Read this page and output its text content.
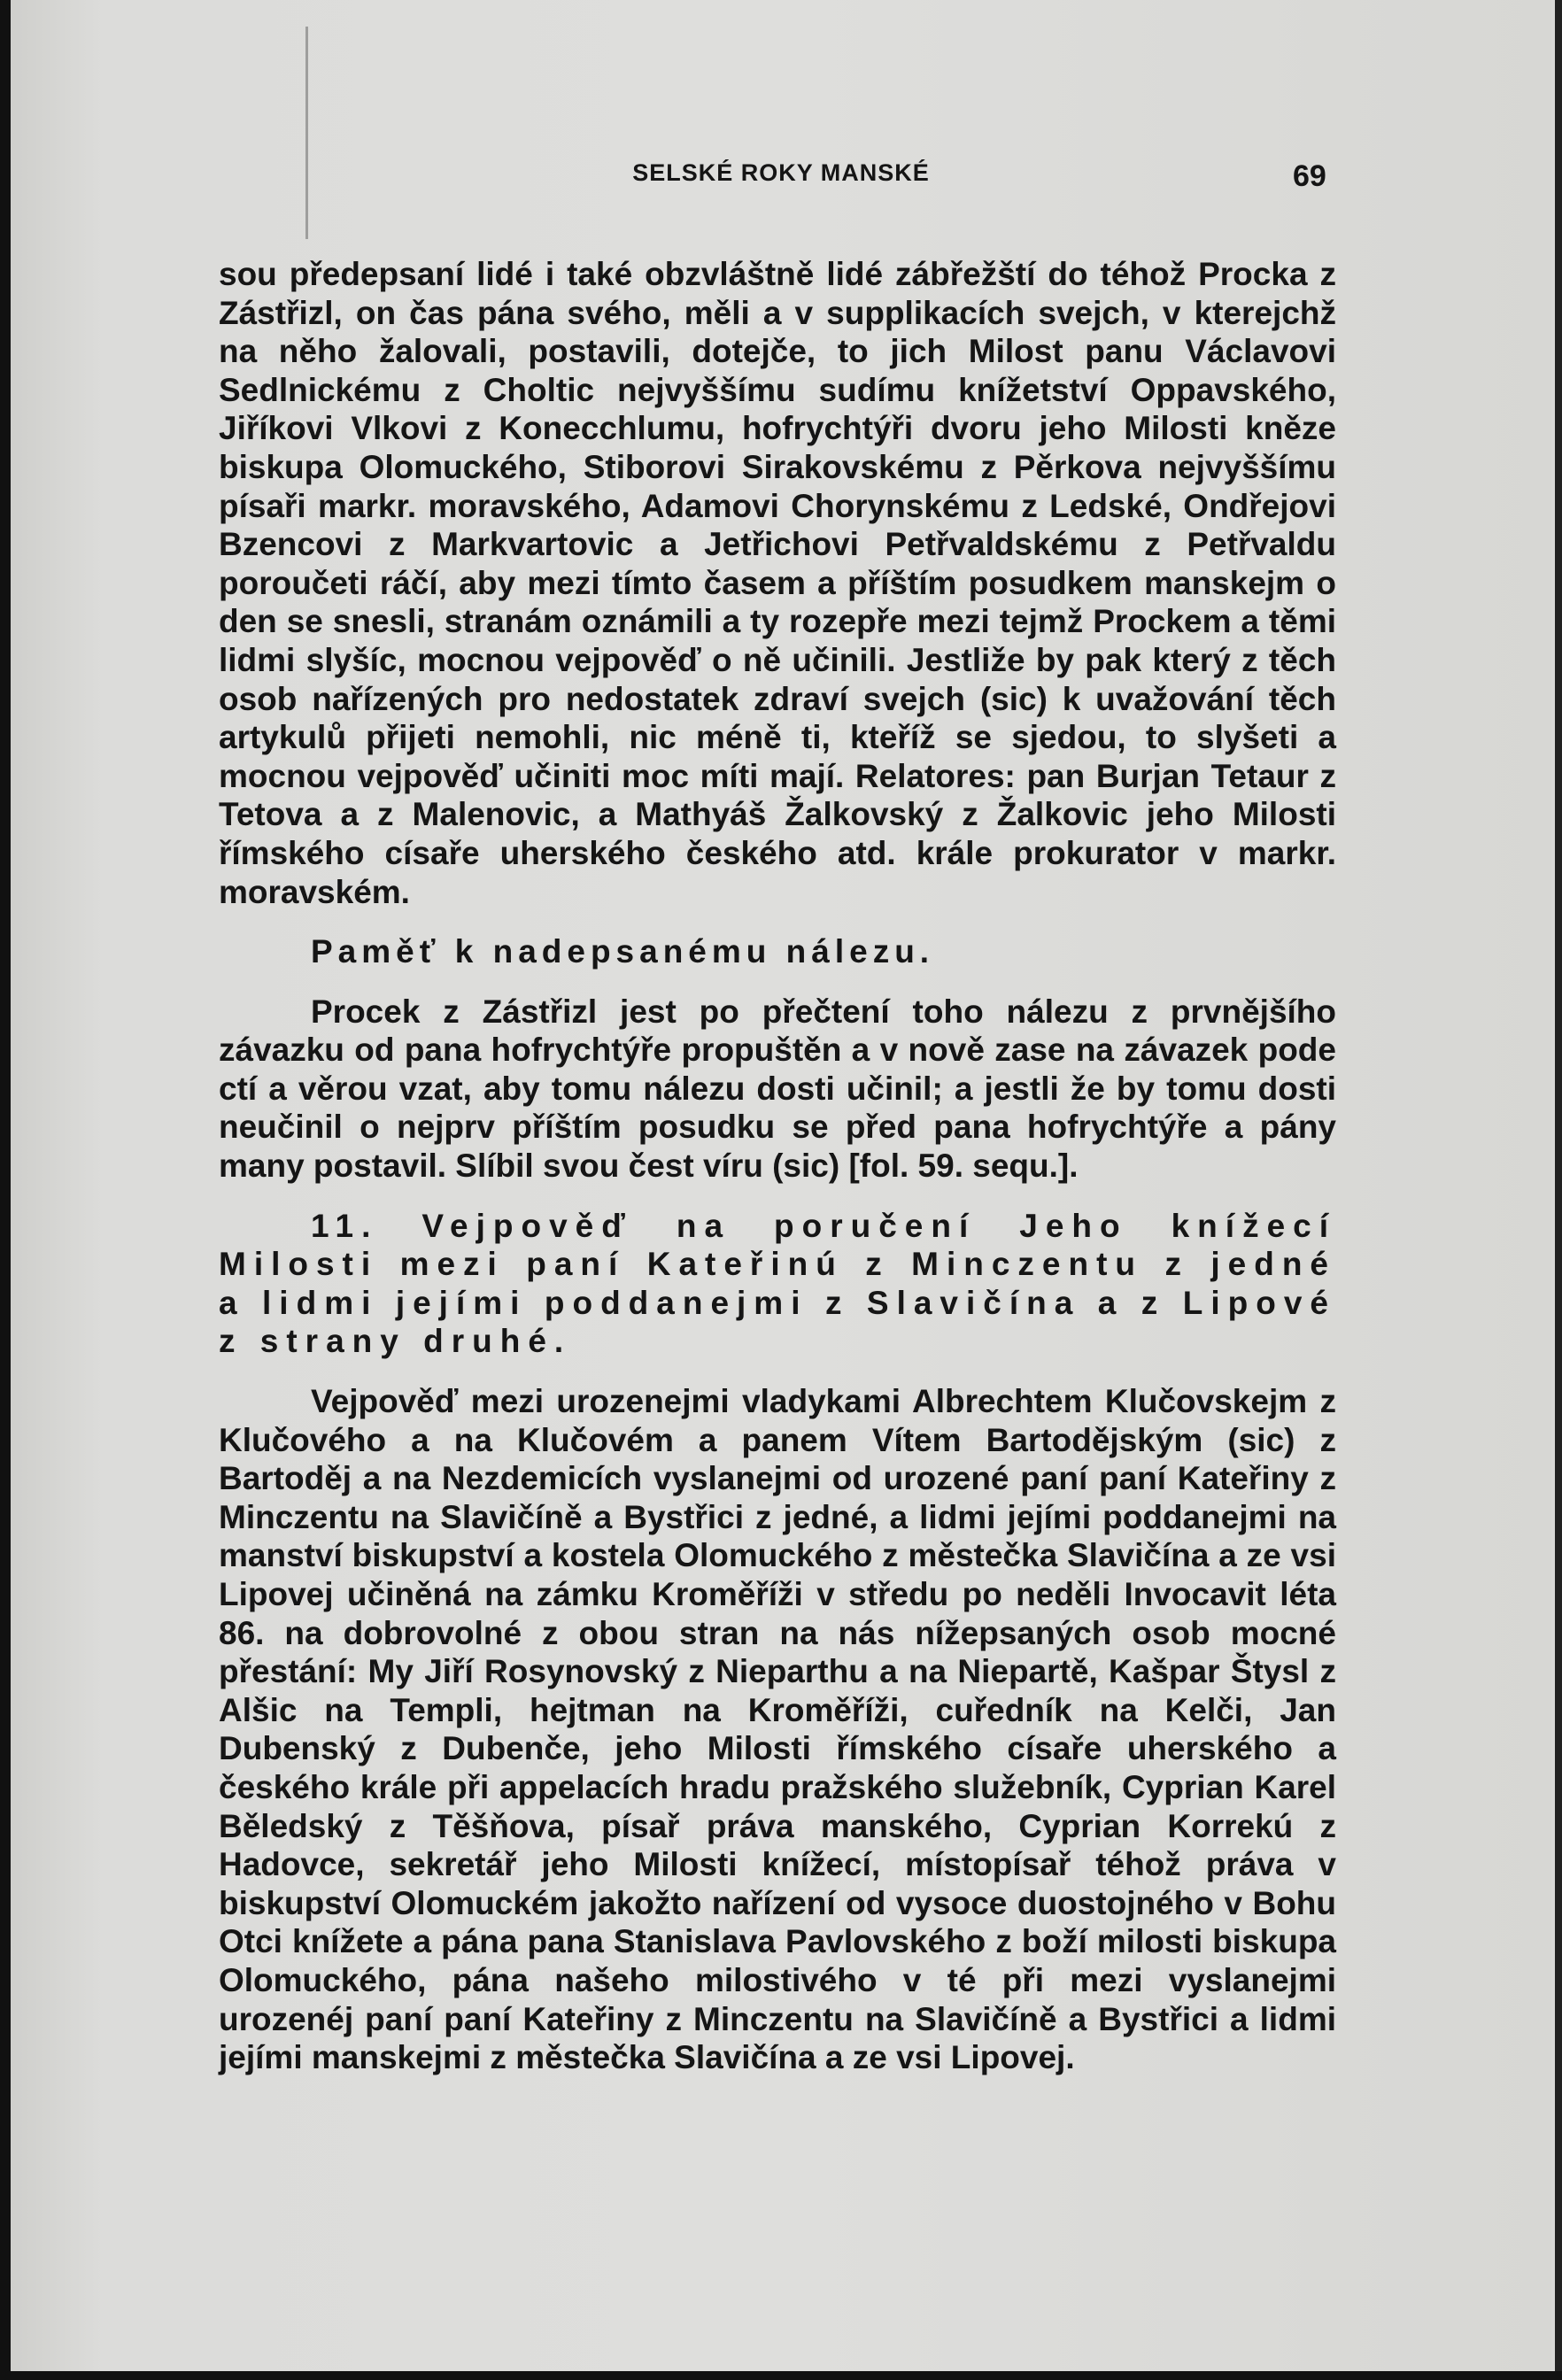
SELSKÉ ROKY MANSKÉ	69

sou předepsaní lidé i také obzvláštně lidé zábřežští do téhož Procka z Zástřizl, on čas pána svého, měli a v supplikacích svejch, v kterejchž na něho žalovali, postavili, dotejče, to jich Milost panu Václavovi Sedlnickému z Choltic nejvyššímu sudímu knížetství Oppavského, Jiříkovi Vlkovi z Konecchlumu, hofrychtýři dvoru jeho Milosti kněze biskupa Olomuckého, Stiborovi Sirakovskému z Pěrkova nejvyššímu písaři markr. moravského, Adamovi Chorynskému z Ledské, Ondřejovi Bzencovi z Markvartovic a Jetřichovi Petřvaldskému z Petřvaldu poroučeti ráčí, aby mezi tímto časem a příštím posudkem manskejm o den se snesli, stranám oznámili a ty rozepře mezi tejmž Prockem a těmi lidmi slyšíc, mocnou vejpověď o ně učinili. Jestliže by pak který z těch osob nařízených pro nedostatek zdraví svejch (sic) k uvažování těch artykulů přijeti nemohli, nic méně ti, kteříž se sjedou, to slyšeti a mocnou vejpověď učiniti moc míti mají. Relatores: pan Burjan Tetaur z Tetova a z Malenovic, a Mathyáš Žalkovský z Žalkovic jeho Milosti římského císaře uherského českého atd. krále prokurator v markr. moravském.

Paměť k nadepsanému nálezu.

Procek z Zástřizl jest po přečtení toho nálezu z prvnějšího závazku od pana hofrychtýře propuštěn a v nově zase na závazek pode ctí a věrou vzat, aby tomu nálezu dosti učinil; a jestli že by tomu dosti neučinil o nejprv příštím posudku se před pana hofrychtýře a pány many postavil. Slíbil svou čest víru (sic) [fol. 59. sequ.].

11. Vejpověď na poručení Jeho knížecí Milosti mezi paní Kateřinú z Minczentu z jedné a lidmi jejími poddanejmi z Slavičína a z Lipové z strany druhé.

Vejpověď mezi urozenejmi vladykami Albrechtem Klučovskejm z Klučového a na Klučovém a panem Vítem Bartodějským (sic) z Bartoděj a na Nezdemicích vyslanejmi od urozené paní paní Kateřiny z Minczentu na Slavičíně a Bystřici z jedné, a lidmi jejími poddanejmi na manství biskupství a kostela Olomuckého z městečka Slavičína a ze vsi Lipovej učiněná na zámku Kroměříži v středu po neděli Invocavit léta 86. na dobrovolné z obou stran na nás nížepsaných osob mocné přestání: My Jiří Rosynovský z Nieparthu a na Niepartě, Kašpar Štysl z Alšic na Templi, hejtman na Kroměříži, cuředník na Kelči, Jan Dubenský z Dubenče, jeho Milosti římského císaře uherského a českého krále při appelacích hradu pražského služebník, Cyprian Karel Běledský z Těšňova, písař práva manského, Cyprian Korrekú z Hadovce, sekretář jeho Milosti knížecí, místopísař téhož práva v biskupství Olomuckém jakožto nařízení od vysoce duostojného v Bohu Otci knížete a pána pana Stanislava Pavlovského z boží milosti biskupa Olomuckého, pána našeho milostivého v té při mezi vyslanejmi urozenéj paní paní Kateřiny z Minczentu na Slavičíně a Bystřici a lidmi jejími manskejmi z městečka Slavičína a ze vsi Lipovej.
